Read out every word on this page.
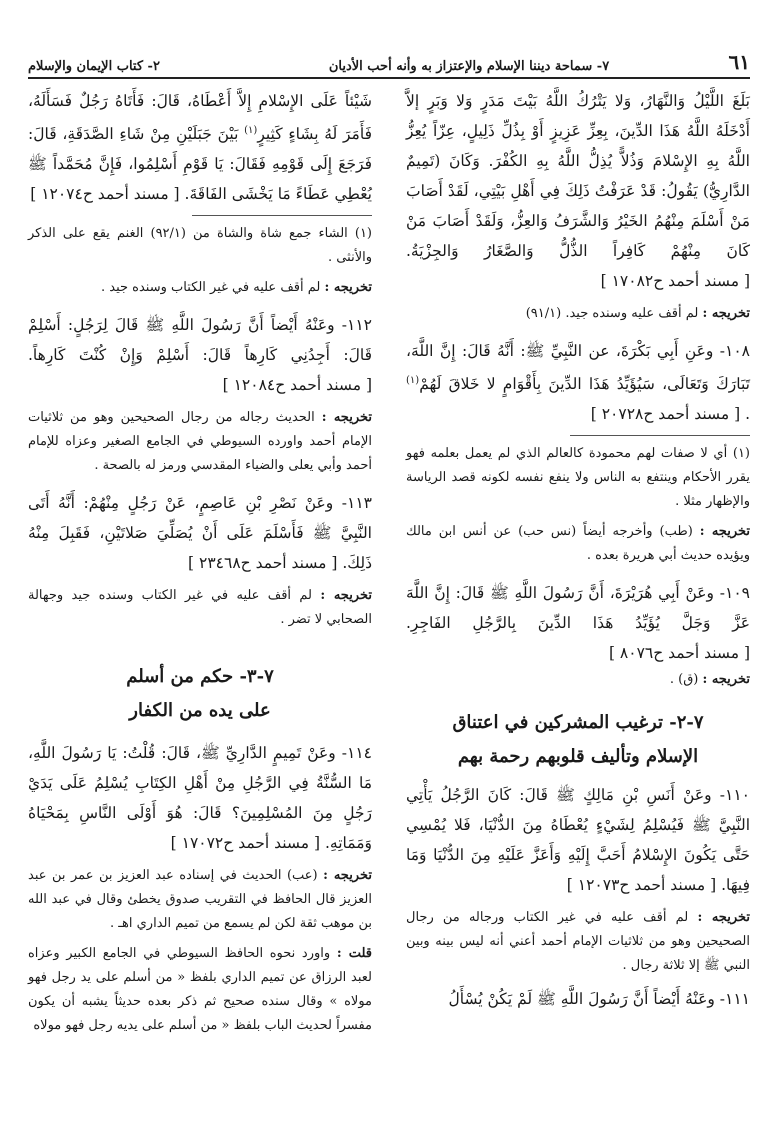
٦١
٧- سماحة ديننا الإسلام والإعتزاز به وأنه أحب الأديان
٢- كتاب الإيمان والإسلام

بَلَغَ اللَّيْلُ وَالنَّهَارُ، وَلا يَتْرُكُ اللَّهُ بَيْتَ مَدَرٍ وَلا وَبَرٍ إلاَّ أَدْخَلَهُ اللَّهُ هَذَا الدِّينَ، بِعِزِّ عَزِيزٍ أَوْ بِذُلِّ ذَلِيلٍ، عِزّاً يُعِزُّ اللَّهُ بِهِ الإِسْلامَ وَذُلاًّ يُذِلُّ اللَّهُ بِهِ الكُفْرَ. وَكَانَ (تَمِيمٌ الدَّارِيُّ) يَقُولُ: قَدْ عَرَفْتُ ذَلِكَ فِي أَهْلِ بَيْتِي، لَقَدْ أَصَابَ مَنْ أَسْلَمَ مِنْهُمُ الخَيْرُ وَالشَّرَفُ وَالعِزُّ، وَلَقَدْ أَصَابَ مَنْ كَانَ مِنْهُمْ كَافِراً الذُّلُّ وَالصَّغَارُ وَالجِزْيَةُ. [ مسند أحمد ح١٧٠٨٢ ]

تخريجه : لم أقف عليه وسنده جيد. (٩١/١)

١٠٨- وعَنِ أَبِي بَكْرَةَ، عن النَّبِيِّ ﷺ: أَنَّهُ قَالَ: إِنَّ اللَّهَ، تَبَارَكَ وَتَعَالَى، سَيُؤَيِّدُ هَذَا الدِّينَ بِأَقْوَامٍ لا خَلاقَ لَهُمْ$^{(١)}$ . [ مسند أحمد ح٢٠٧٢٨ ]

(١) أي لا صفات لهم محمودة كالعالم الذي لم يعمل بعلمه فهو يقرر الأحكام وينتفع به الناس ولا ينفع نفسه لكونه قصد الرياسة والإظهار مثلا .

تخريجه : (طب) وأخرجه أيضاً (نس حب) عن أنس ابن مالك ويؤيده حديث أبي هريرة بعده .

١٠٩- وعَنْ أَبِي هُرَيْرَةَ، أَنَّ رَسُولَ اللَّهِ ﷺ قَالَ: إِنَّ اللَّهَ عَزَّ وَجَلَّ يُؤَيِّدُ هَذَا الدِّينَ بِالرَّجُلِ الفَاجِرِ. [ مسند أحمد ح٨٠٧٦ ]

تخريجه : (ق) .

٧-٢- ترغيب المشركين في اعتناق

الإسلام وتأليف قلوبهم رحمة بهم

١١٠- وعَنْ أَنَسِ بْنِ مَالِكٍ ﷺ قَالَ: كَانَ الرَّجُلُ يَأْتِي النَّبِيَّ ﷺ فَيُسْلِمُ لِشَيْءٍ يُعْطَاهُ مِنَ الدُّنْيَا، فَلا يُمْسِي حَتَّى يَكُونَ الإِسْلامُ أَحَبَّ إِلَيْهِ وَأَعَزَّ عَلَيْهِ مِنَ الدُّنْيَا وَمَا فِيهَا. [ مسند أحمد ح١٢٠٧٣ ]

تخريجه : لم أقف عليه في غير الكتاب ورجاله من رجال الصحيحين وهو من ثلاثيات الإمام أحمد أعني أنه ليس بينه وبين النبي ﷺ إلا ثلاثة رجال .

١١١- وعَنْهُ أَيْضاً أَنَّ رَسُولَ اللَّهِ ﷺ لَمْ يَكُنْ يُسْأَلُ

شَيْئاً عَلَى الإِسْلامِ إِلاَّ أَعْطَاهُ، قَالَ: فَأَتَاهُ رَجُلٌ فَسَأَلَهُ، فَأَمَرَ لَهُ بِشَاءٍ كَثِيرٍ$^{(١)}$ بَيْنَ جَبَلَيْنِ مِنْ شَاءِ الصَّدَقَةِ، قَالَ: فَرَجَعَ إِلَى قَوْمِهِ فَقَالَ: يَا قَوْمِ أَسْلِمُوا، فَإِنَّ مُحَمَّداً ﷺ يُعْطِي عَطَاءً مَا يَخْشَى الفَاقَةَ. [ مسند أحمد ح١٢٠٧٤ ]

(١) الشاء جمع شاة والشاة من (٩٢/١) الغنم يقع على الذكر والأنثى .

تخريجه : لم أقف عليه في غير الكتاب وسنده جيد .

١١٢- وعَنْهُ أَيْضاً أَنَّ رَسُولَ اللَّهِ ﷺ قَالَ لِرَجُلٍ: أَسْلِمْ قَالَ: أَجِدُنِي كَارِهاً قَالَ: أَسْلِمْ وَإِنْ كُنْتَ كَارِهاً. [ مسند أحمد ح١٢٠٨٤ ]

تخريجه : الحديث رجاله من رجال الصحيحين وهو من ثلاثيات الإمام أحمد واورده السيوطي في الجامع الصغير وعزاه للإمام أحمد وأبي يعلى والضياء المقدسي ورمز له بالصحة .

١١٣- وعَنْ نَصْرِ بْنِ عَاصِمٍ، عَنْ رَجُلٍ مِنْهُمْ: أَنَّهُ أَتَى النَّبِيَّ ﷺ فَأَسْلَمَ عَلَى أَنْ يُصَلِّيَ صَلاتَيْنِ، فَقَبِلَ مِنْهُ ذَلِكَ. [ مسند أحمد ح٢٣٤٦٨ ]

تخريجه : لم أقف عليه في غير الكتاب وسنده جيد وجهالة الصحابي لا تضر .

٧-٣- حكم من أسلم

على يده من الكفار

١١٤- وعَنْ تَمِيمٍ الدَّارِيِّ ﷺ، قَالَ: قُلْتُ: يَا رَسُولَ اللَّهِ، مَا السُّنَّةُ فِي الرَّجُلِ مِنْ أَهْلِ الكِتَابِ يُسْلِمُ عَلَى يَدَيْ رَجُلٍ مِنَ المُسْلِمِينَ؟ قَالَ: هُوَ أَوْلَى النَّاسِ بِمَحْيَاهُ وَمَمَاتِهِ. [ مسند أحمد ح١٧٠٧٢ ]

تخريجه : (عب) الحديث في إسناده عبد العزيز بن عمر بن عبد العزيز قال الحافظ في التقريب صدوق يخطئ وقال في عبد الله بن موهب ثقة لكن لم يسمع من تميم الداري اهـ .

قلت : واورد نحوه الحافظ السيوطي في الجامع الكبير وعزاه لعبد الرزاق عن تميم الداري بلفظ « من أسلم على يد رجل فهو مولاه » وقال سنده صحيح ثم ذكر بعده حديثاً يشبه أن يكون مفسراً لحديث الباب بلفظ « من أسلم على يديه رجل فهو مولاه
